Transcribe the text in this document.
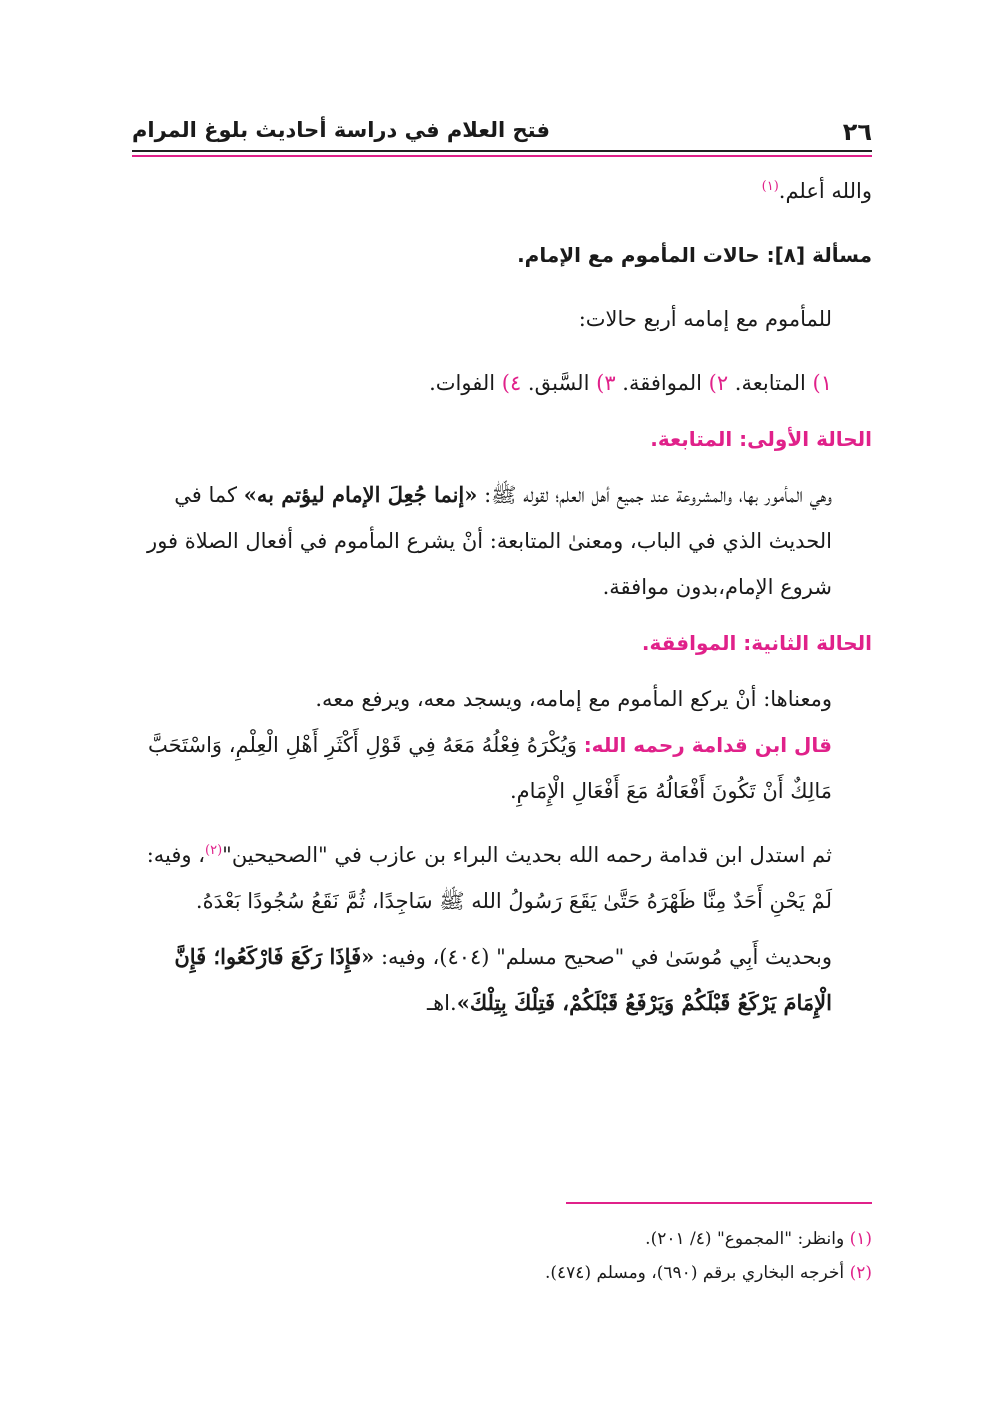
٢٦
فتح العلام في دراسة أحاديث بلوغ المرام

والله أعلم.$^{(١)}$

مسألة [٨]: حالات المأموم مع الإمام.

للمأموم مع إمامه أربع حالات:

١) المتابعة. ٢) الموافقة. ٣) السَّبق. ٤) الفوات.

الحالة الأولى: المتابعة.

وهي المأمور بها، والمشروعة عند جميع أهل العلم؛ لقوله ﷺ: «إنما جُعِلَ الإمام ليؤتم به» كما في الحديث الذي في الباب، ومعنىٰ المتابعة: أنْ يشرع المأموم في أفعال الصلاة فور شروع الإمام،بدون موافقة.

الحالة الثانية: الموافقة.

ومعناها: أنْ يركع المأموم مع إمامه، ويسجد معه، ويرفع معه.

قال ابن قدامة رحمه الله: وَيُكْرَهُ فِعْلُهُ مَعَهُ فِي قَوْلِ أَكْثَرِ أَهْلِ الْعِلْمِ، وَاسْتَحَبَّ مَالِكٌ أَنْ تَكُونَ أَفْعَالُهُ مَعَ أَفْعَالِ الْإِمَامِ.

ثم استدل ابن قدامة رحمه الله بحديث البراء بن عازب في "الصحيحين"$^{(٢)}$، وفيه: لَمْ يَحْنِ أَحَدٌ مِنَّا ظَهْرَهُ حَتَّىٰ يَقَعَ رَسُولُ الله ﷺ سَاجِدًا، ثُمَّ نَقَعُ سُجُودًا بَعْدَهُ.

وبحديث أَبِي مُوسَىٰ في "صحيح مسلم" (٤٠٤)، وفيه: «فَإِذَا رَكَعَ فَارْكَعُوا؛ فَإِنَّ الْإِمَامَ يَرْكَعُ قَبْلَكُمْ وَيَرْفَعُ قَبْلَكُمْ، فَتِلْكَ بِتِلْكَ».اهـ

(١) وانظر: "المجموع" (٤/ ٢٠١).
(٢) أخرجه البخاري برقم (٦٩٠)، ومسلم (٤٧٤).
